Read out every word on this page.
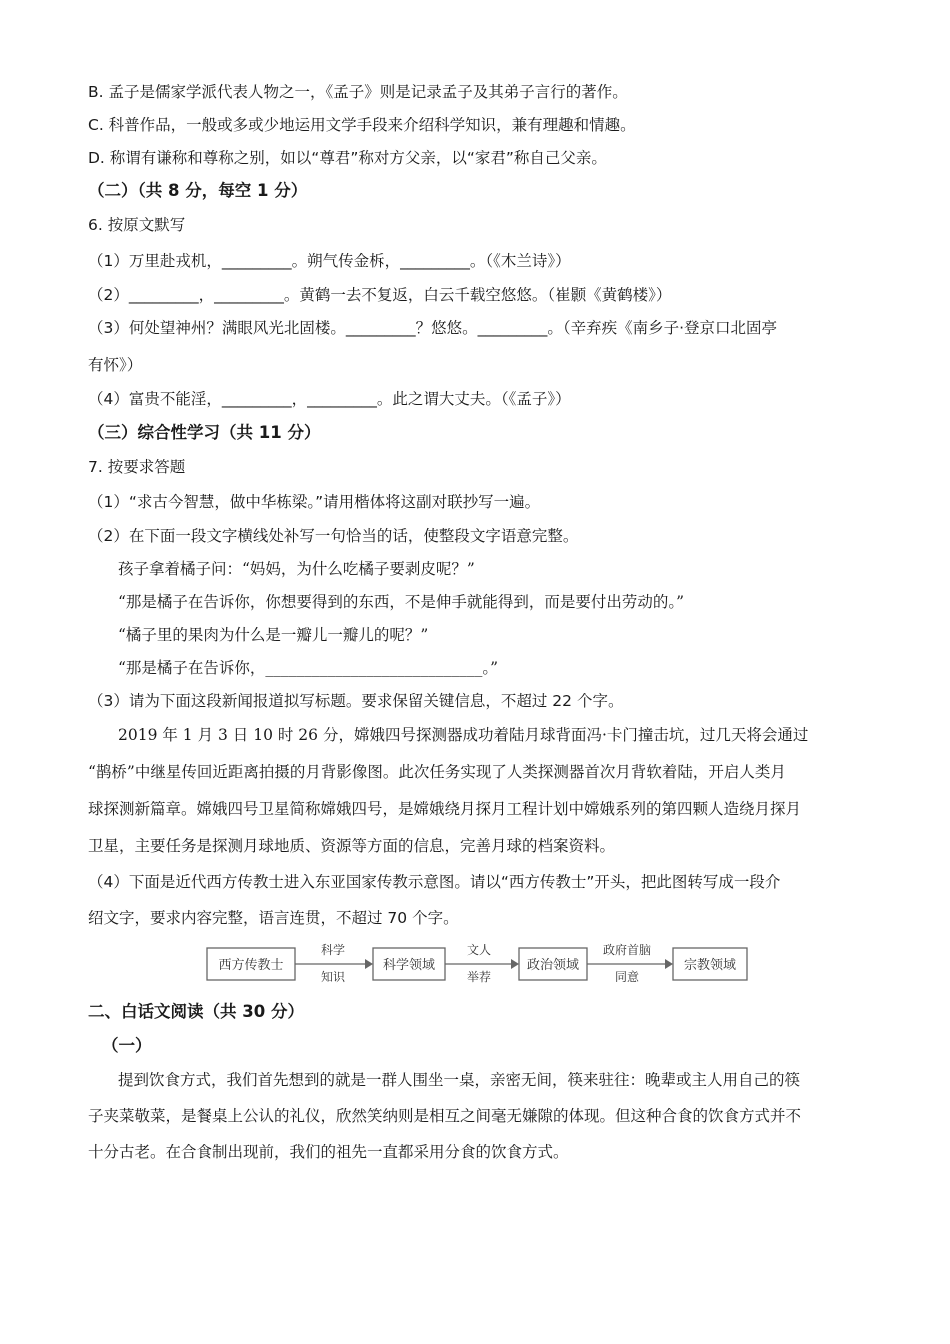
B. 孟子是儒家学派代表人物之一，《孟子》则是记录孟子及其弟子言行的著作。
C. 科普作品，一般或多或少地运用文学手段来介绍科学知识，兼有理趣和情趣。
D. 称谓有谦称和尊称之别，如以“尊君”称对方父亲，以“家君”称自己父亲。
（二）（共 8 分，每空 1 分）
6. 按原文默写
（1）万里赴戎机，_________。朔气传金柝，_________。（《木兰诗》）
（2）_________，_________。黄鹤一去不复返，白云千载空悠悠。（崔颢《黄鹤楼》）
（3）何处望神州？满眼风光北固楼。_________？悠悠。_________。（辛弃疾《南乡子·登京口北固亭
有怀》）
（4）富贵不能淫，_________，_________。此之谓大丈夫。（《孟子》）
（三）综合性学习（共 11 分）
7. 按要求答题
（1）“求古今智慧，做中华栋梁。”请用楷体将这副对联抄写一遍。
（2）在下面一段文字横线处补写一句恰当的话，使整段文字语意完整。
孩子拿着橘子问：“妈妈，为什么吃橘子要剥皮呢？”
“那是橘子在告诉你，你想要得到的东西，不是伸手就能得到，而是要付出劳动的。”
“橘子里的果肉为什么是一瓣儿一瓣儿的呢？”
“那是橘子在告诉你，____________________________。”
（3）请为下面这段新闻报道拟写标题。要求保留关键信息，不超过 22 个字。
2019 年 1 月 3 日 10 时 26 分，嫦娥四号探测器成功着陆月球背面冯·卡门撞击坑，过几天将会通过
“鹊桥”中继星传回近距离拍摄的月背影像图。此次任务实现了人类探测器首次月背软着陆，开启人类月
球探测新篇章。嫦娥四号卫星简称嫦娥四号，是嫦娥绕月探月工程计划中嫦娥系列的第四颗人造绕月探月
卫星，主要任务是探测月球地质、资源等方面的信息，完善月球的档案资料。
（4）下面是近代西方传教士进入东亚国家传教示意图。请以“西方传教士”开头，把此图转写成一段介
绍文字，要求内容完整，语言连贯，不超过 70 个字。
西方传教士
科学
知识
科学领域
文人
举荐
政治领域
政府首脑
同意
宗教领域
二、白话文阅读（共 30 分）
（一）
提到饮食方式，我们首先想到的就是一群人围坐一桌，亲密无间，筷来驻往：晚辈或主人用自己的筷
子夹菜敬菜，是餐桌上公认的礼仪，欣然笑纳则是相互之间毫无嫌隙的体现。但这种合食的饮食方式并不
十分古老。在合食制出现前，我们的祖先一直都采用分食的饮食方式。
